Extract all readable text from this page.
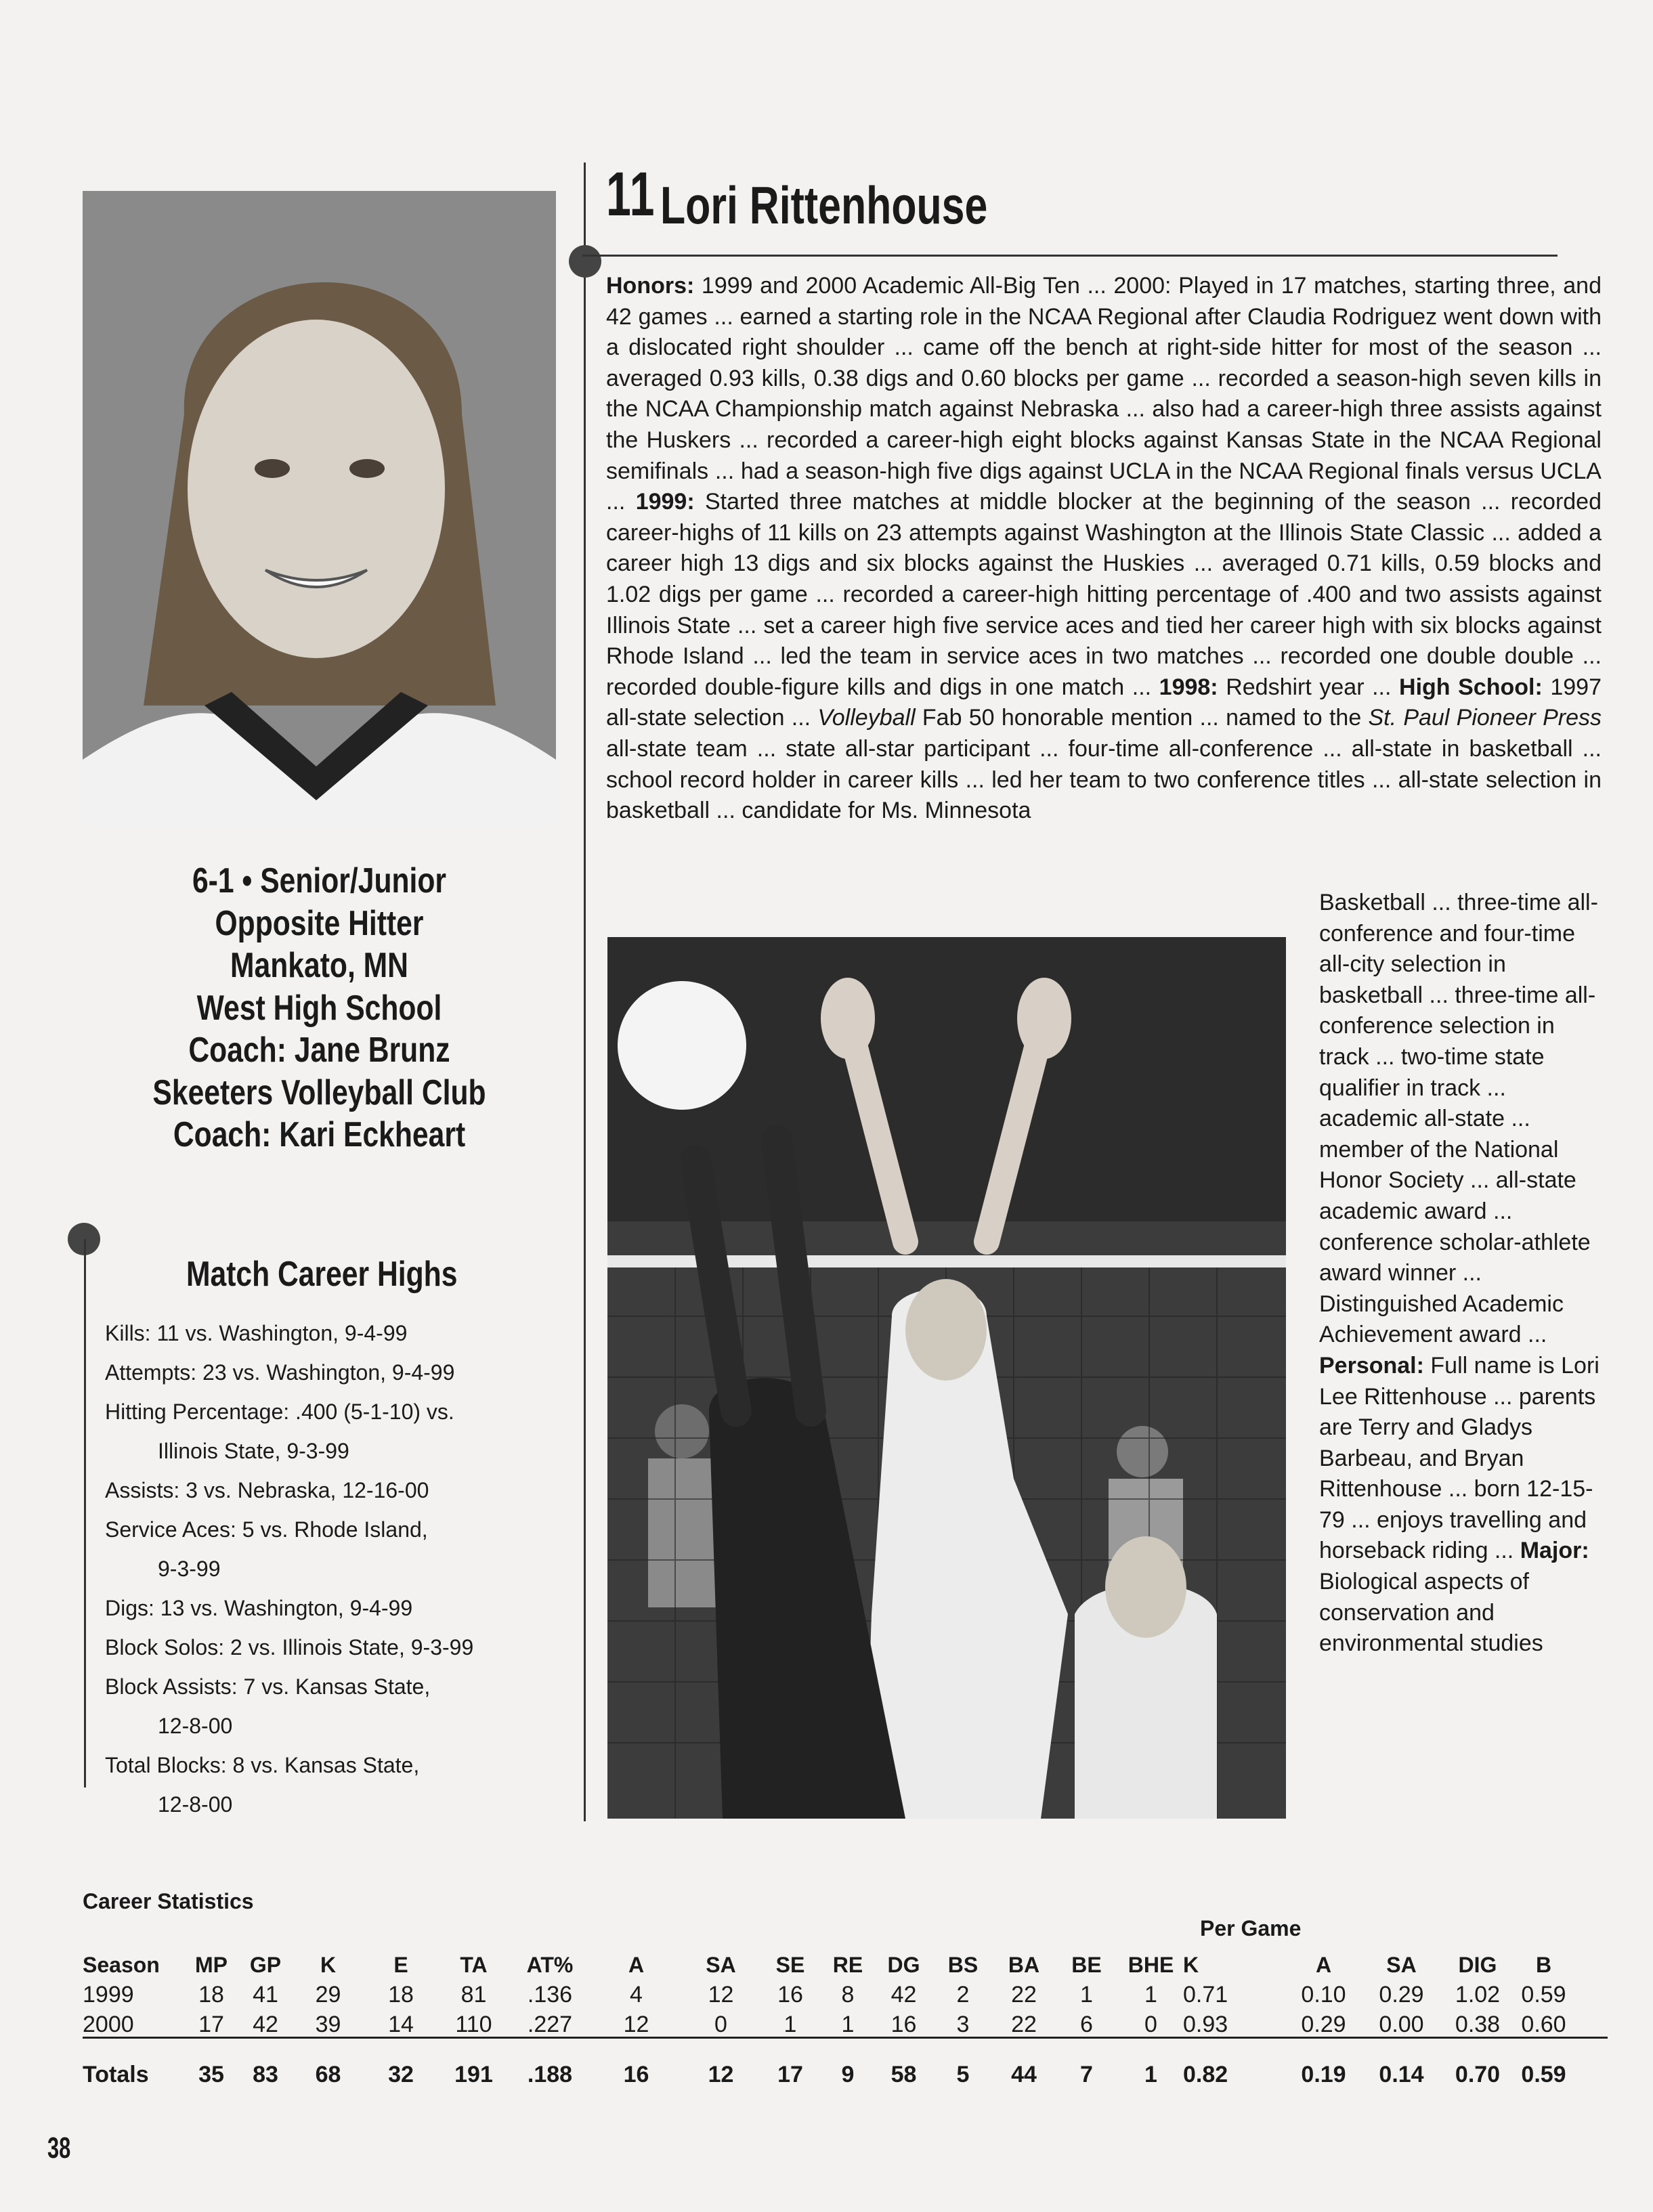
11 Lori Rittenhouse
Honors: 1999 and 2000 Academic All-Big Ten ... 2000: Played in 17 matches, starting three, and 42 games ... earned a starting role in the NCAA Regional after Claudia Rodriguez went down with a dislocated right shoulder ... came off the bench at right-side hitter for most of the season ... averaged 0.93 kills, 0.38 digs and 0.60 blocks per game ... recorded a season-high seven kills in the NCAA Championship match against Nebraska ... also had a career-high three assists against the Huskers ... recorded a career-high eight blocks against Kansas State in the NCAA Regional semifinals ... had a season-high five digs against UCLA in the NCAA Regional finals versus UCLA ... 1999: Started three matches at middle blocker at the beginning of the season ... recorded career-highs of 11 kills on 23 attempts against Washington at the Illinois State Classic ... added a career high 13 digs and six blocks against the Huskies ... averaged 0.71 kills, 0.59 blocks and 1.02 digs per game ... recorded a career-high hitting percentage of .400 and two assists against Illinois State ... set a career high five service aces and tied her career high with six blocks against Rhode Island ... led the team in service aces in two matches ... recorded one double double ... recorded double-figure kills and digs in one match ... 1998: Redshirt year ... High School: 1997 all-state selection ... Volleyball Fab 50 honorable mention ... named to the St. Paul Pioneer Press all-state team ... state all-star participant ... four-time all-conference ... all-state in basketball ... school record holder in career kills ... led her team to two conference titles ... all-state selection in basketball ... candidate for Ms. Minnesota
Basketball ... three-time all-conference and four-time all-city selection in basketball ... three-time all-conference selection in track ... two-time state qualifier in track ... academic all-state ... member of the National Honor Society ... all-state academic award ... conference scholar-athlete award winner ... Distinguished Academic Achievement award ... Personal: Full name is Lori Lee Rittenhouse ... parents are Terry and Gladys Barbeau, and Bryan Rittenhouse ... born 12-15-79 ... enjoys travelling and horseback riding ... Major: Biological aspects of conservation and environmental studies
6-1 • Senior/Junior
Opposite Hitter
Mankato, MN
West High School
Coach: Jane Brunz
Skeeters Volleyball Club
Coach: Kari Eckheart
Match Career Highs
Kills: 11 vs. Washington, 9-4-99
Attempts: 23 vs. Washington, 9-4-99
Hitting Percentage: .400 (5-1-10) vs.
Illinois State, 9-3-99
Assists: 3 vs. Nebraska, 12-16-00
Service Aces: 5 vs. Rhode Island,
9-3-99
Digs: 13 vs. Washington, 9-4-99
Block Solos: 2 vs. Illinois State, 9-3-99
Block Assists: 7 vs. Kansas State,
12-8-00
Total Blocks: 8 vs. Kansas State,
12-8-00
Career Statistics
Per Game
Season	MP	GP	K	E	TA	AT%	A	SA	SE	RE	DG	BS	BA	BE	BHE	K	A	SA	DIG	B
1999	18	41	29	18	81	.136	4	12	16	8	42	2	22	1	1	0.71	0.10	0.29	1.02	0.59
2000	17	42	39	14	110	.227	12	0	1	1	16	3	22	6	0	0.93	0.29	0.00	0.38	0.60

Totals	35	83	68	32	191	.188	16	12	17	9	58	5	44	7	1	0.82	0.19	0.14	0.70	0.59
38
